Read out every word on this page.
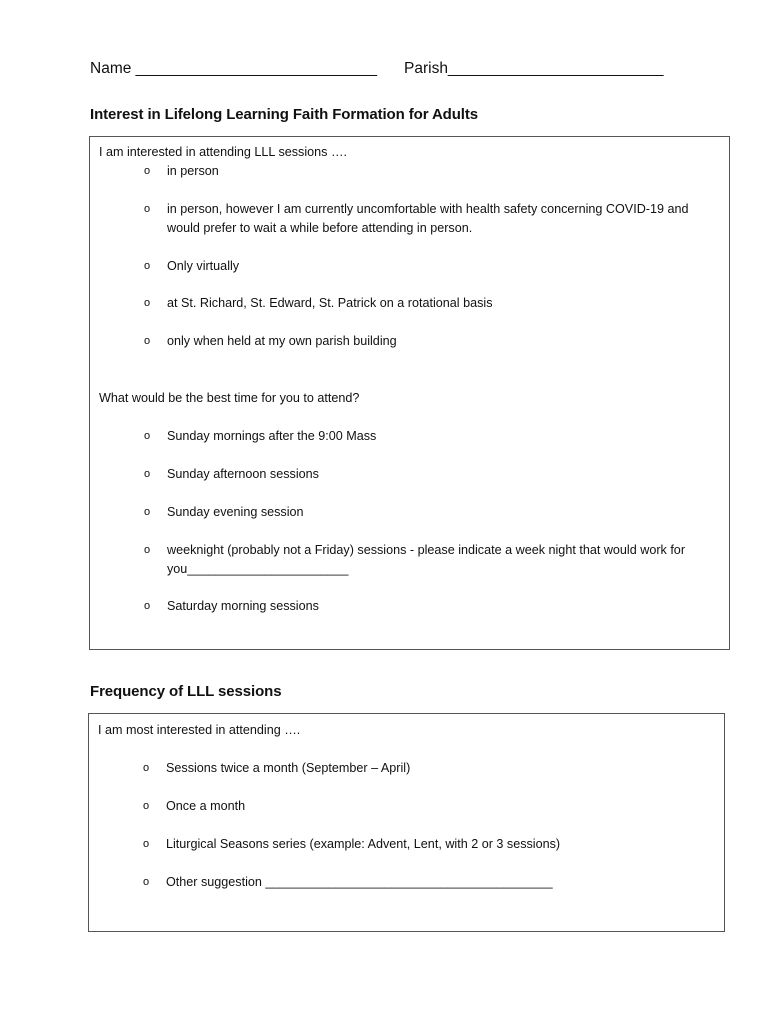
Name ____________________________ Parish_________________________
Interest in Lifelong Learning Faith Formation for Adults
I am interested in attending LLL sessions ….
o in person
o in person, however I am currently uncomfortable with health safety concerning COVID-19 and would prefer to wait a while before attending in person.
o Only virtually
o at St. Richard, St. Edward, St. Patrick on a rotational basis
o only when held at my own parish building
What would be the best time for you to attend?
o Sunday mornings after the 9:00 Mass
o Sunday afternoon sessions
o Sunday evening session
o weeknight (probably not a Friday) sessions - please indicate a week night that would work for you_______________________
o Saturday morning sessions
Frequency of LLL sessions
I am most interested in attending ….
o Sessions twice a month (September – April)
o Once a month
o Liturgical Seasons series (example: Advent, Lent, with 2 or 3 sessions)
o Other suggestion _________________________________________
